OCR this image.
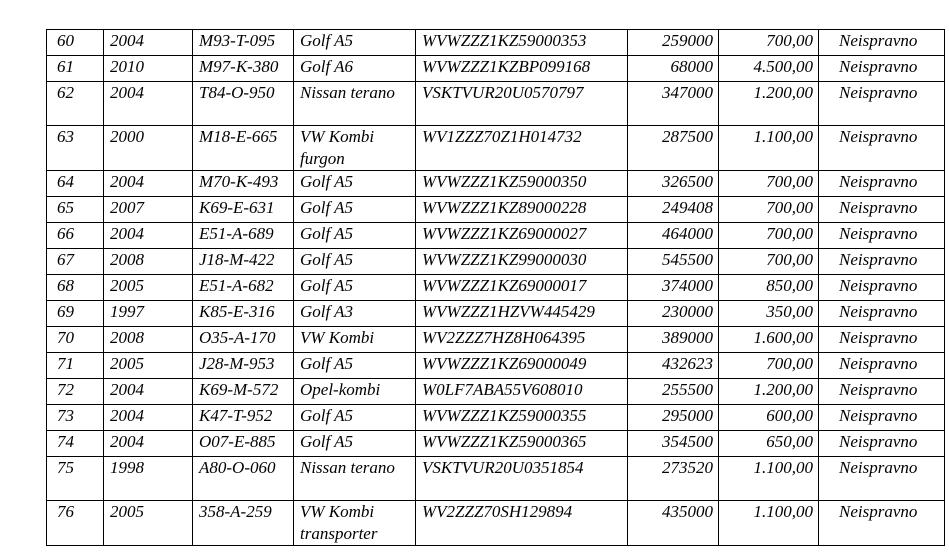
60	2004	M93-T-095	Golf A5	WVWZZZ1KZ59000353	259000	700,00	Neispravno
61	2010	M97-K-380	Golf A6	WVWZZZ1KZBP099168	68000	4.500,00	Neispravno
62	2004	T84-O-950	Nissan terano	VSKTVUR20U0570797	347000	1.200,00	Neispravno
63	2000	M18-E-665	VW Kombi furgon	WV1ZZZ70Z1H014732	287500	1.100,00	Neispravno
64	2004	M70-K-493	Golf A5	WVWZZZ1KZ59000350	326500	700,00	Neispravno
65	2007	K69-E-631	Golf A5	WVWZZZ1KZ89000228	249408	700,00	Neispravno
66	2004	E51-A-689	Golf A5	WVWZZZ1KZ69000027	464000	700,00	Neispravno
67	2008	J18-M-422	Golf A5	WVWZZZ1KZ99000030	545500	700,00	Neispravno
68	2005	E51-A-682	Golf A5	WVWZZZ1KZ69000017	374000	850,00	Neispravno
69	1997	K85-E-316	Golf A3	WVWZZZ1HZVW445429	230000	350,00	Neispravno
70	2008	O35-A-170	VW Kombi	WV2ZZZ7HZ8H064395	389000	1.600,00	Neispravno
71	2005	J28-M-953	Golf A5	WVWZZZ1KZ69000049	432623	700,00	Neispravno
72	2004	K69-M-572	Opel-kombi	W0LF7ABA55V608010	255500	1.200,00	Neispravno
73	2004	K47-T-952	Golf A5	WVWZZZ1KZ59000355	295000	600,00	Neispravno
74	2004	O07-E-885	Golf A5	WVWZZZ1KZ59000365	354500	650,00	Neispravno
75	1998	A80-O-060	Nissan terano	VSKTVUR20U0351854	273520	1.100,00	Neispravno
76	2005	358-A-259	VW Kombi transporter	WV2ZZZ70SH129894	435000	1.100,00	Neispravno
